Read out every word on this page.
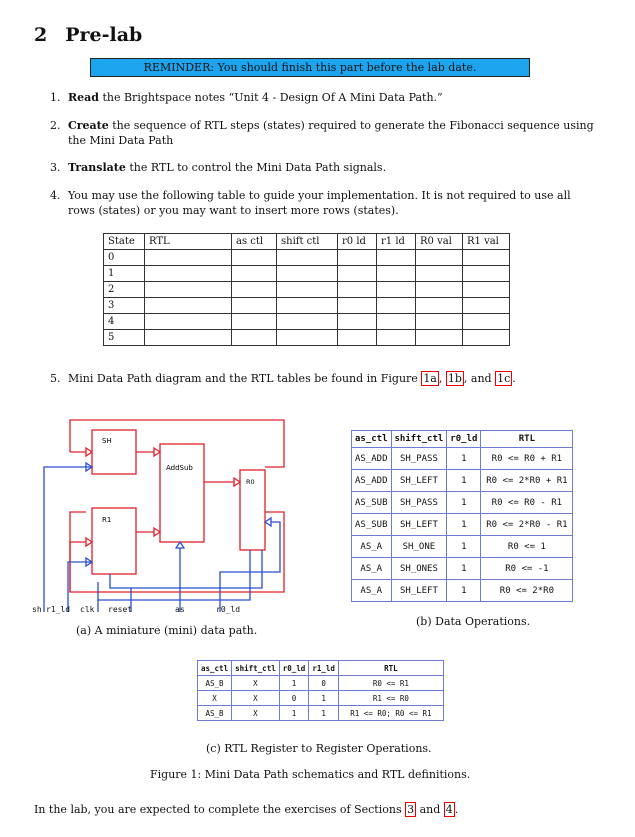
2 Pre-lab
REMINDER: You should finish this part before the lab date.
1. Read the Brightspace notes “Unit 4 - Design Of A Mini Data Path.”
2. Create the sequence of RTL steps (states) required to generate the Fibonacci sequence using
the Mini Data Path
3. Translate the RTL to control the Mini Data Path signals.
4. You may use the following table to guide your implementation. It is not required to use all
rows (states) or you may want to insert more rows (states).
State	RTL	as ctl	shift ctl	r0 ld	r1 ld	R0 val	R1 val
0							
1							
2							
3							
4							
5							
5. Mini Data Path diagram and the RTL tables be found in Figure 1a , 1b , and 1c .
SH
R1
AddSub
R0
sh r1_ld clk reset	as	r0_ld
(a) A miniature (mini) data path.
as_ctl	shift_ctl	r0_ld	RTL
AS_ADD	SH_PASS	1	R0 <= R0 + R1
AS_ADD	SH_LEFT	1	R0 <= 2*R0 + R1
AS_SUB	SH_PASS	1	R0 <= R0 - R1
AS_SUB	SH_LEFT	1	R0 <= 2*R0 - R1
AS_A	SH_ONE	1	R0 <= 1
AS_A	SH_ONES	1	R0 <= -1
AS_A	SH_LEFT	1	R0 <= 2*R0
(b) Data Operations.
as_ctl	shift_ctl	r0_ld	r1_ld	RTL
AS_B	X	1	0	R0 <= R1
X	X	0	1	R1 <= R0
AS_B	X	1	1	R1 <= R0; R0 <= R1
(c) RTL Register to Register Operations.
Figure 1: Mini Data Path schematics and RTL definitions.
In the lab, you are expected to complete the exercises of Sections 3 and 4 .
